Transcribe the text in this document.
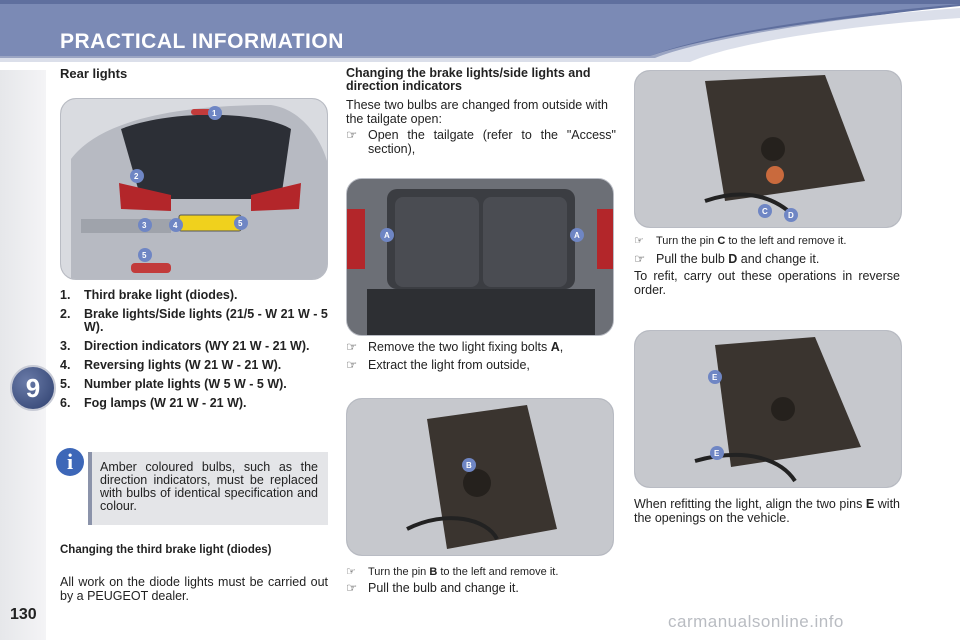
PRACTICAL INFORMATION
9
130
Rear lights
1
2
3	4	5
5
1.	Third brake light (diodes).
2.	Brake lights/Side lights (21/5 - W 21 W - 5 W).
3.	Direction indicators (WY 21 W - 21 W).
4.	Reversing lights (W 21 W - 21 W).
5.	Number plate lights (W 5 W - 5 W).
6.	Fog lamps (W 21 W - 21 W).
i	Amber coloured bulbs, such as the direction indicators, must be replaced with bulbs of identical specification and colour.
Changing the third brake light (diodes)
All work on the diode lights must be carried out by a PEUGEOT dealer.
Changing the brake lights/side lights and direction indicators
These two bulbs are changed from outside with the tailgate open:
☞ Open the tailgate (refer to the "Access" section),
A	A
☞ Remove the two light fixing bolts A,
☞ Extract the light from outside,
B
☞	Turn the pin B to the left and remove it.
☞ Pull the bulb and change it.
C	D
☞	Turn the pin C to the left and remove it.
☞ Pull the bulb D and change it.
To refit, carry out these operations in reverse order.
E
E
When refitting the light, align the two pins E with the openings on the vehicle.
carmanualsonline.info
